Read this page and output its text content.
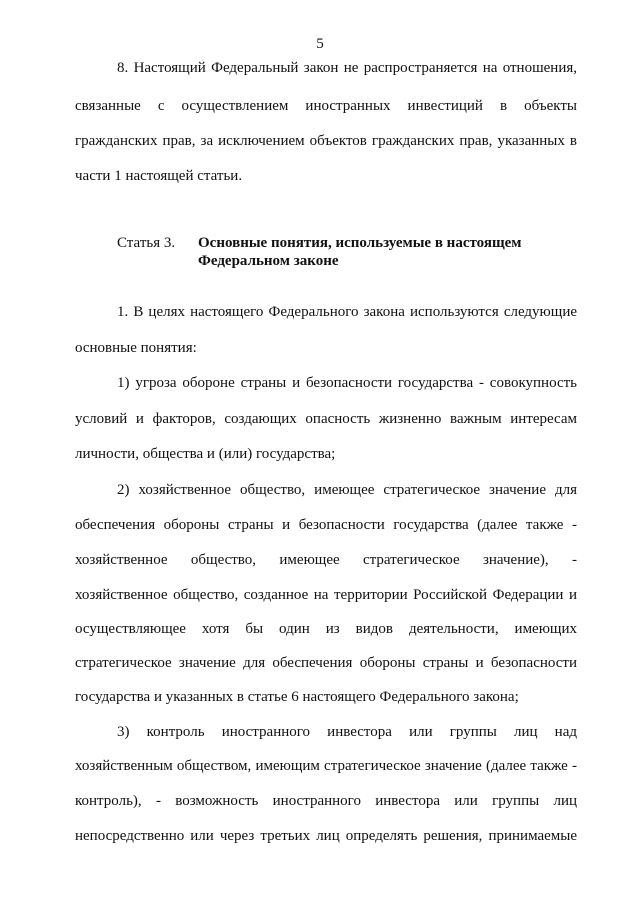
5
8. Настоящий Федеральный закон не распространяется на отношения,
связанные с осуществлением иностранных инвестиций в объекты
гражданских прав, за исключением объектов гражданских прав, указанных в
части 1 настоящей статьи.
Статья 3. Основные понятия, используемые в настоящем
Федеральном законе
1. В целях настоящего Федерального закона используются следующие
основные понятия:
1) угроза обороне страны и безопасности государства - совокупность
условий и факторов, создающих опасность жизненно важным интересам
личности, общества и (или) государства;
2) хозяйственное общество, имеющее стратегическое значение для
обеспечения обороны страны и безопасности государства (далее также -
хозяйственное общество, имеющее стратегическое значение), -
хозяйственное общество, созданное на территории Российской Федерации и
осуществляющее хотя бы один из видов деятельности, имеющих
стратегическое значение для обеспечения обороны страны и безопасности
государства и указанных в статье 6 настоящего Федерального закона;
3) контроль иностранного инвестора или группы лиц над
хозяйственным обществом, имеющим стратегическое значение (далее также -
контроль), - возможность иностранного инвестора или группы лиц
непосредственно или через третьих лиц определять решения, принимаемые
